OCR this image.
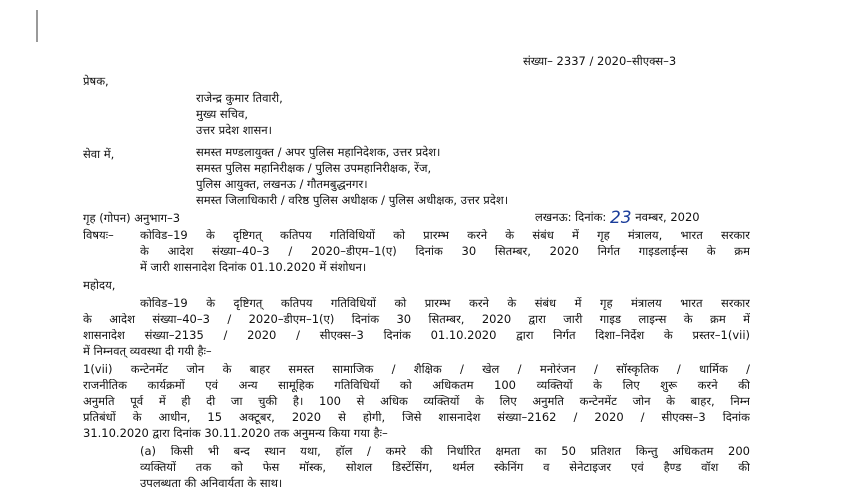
संख्या– 2337 / 2020–सीएक्स–3
प्रेषक,
राजेन्द्र कुमार तिवारी,
मुख्य सचिव,
उत्तर प्रदेश शासन।
सेवा में,	समस्त मण्डलायुक्त / अपर पुलिस महानिदेशक, उत्तर प्रदेश।
समस्त पुलिस महानिरीक्षक / पुलिस उपमहानिरीक्षक, रेंज,
पुलिस आयुक्त, लखनऊ / गौतमबुद्धनगर।
समस्त जिलाधिकारी / वरिष्ठ पुलिस अधीक्षक / पुलिस अधीक्षक, उत्तर प्रदेश।
गृह (गोपन) अनुभाग–3	लखनऊ: दिनांक: 23 नवम्बर, 2020
विषयः– कोविड–19 के दृष्टिगत् कतिपय गतिविधियों को प्रारम्भ करने के संबंध में गृह मंत्रालय, भारत सरकार
के आदेश संख्या–40–3 / 2020–डीएम–1(ए) दिनांक 30 सितम्बर, 2020 निर्गत गाइडलाईन्स के क्रम
में जारी शासनादेश दिनांक 01.10.2020 में संशोधन।
महोदय,
कोविड–19 के दृष्टिगत् कतिपय गतिविधियों को प्रारम्भ करने के संबंध में गृह मंत्रालय भारत सरकार
के आदेश संख्या–40–3 / 2020–डीएम–1(ए) दिनांक 30 सितम्बर, 2020 द्वारा जारी गाइड लाइन्स के क्रम में
शासनादेश संख्या–2135 / 2020 / सीएक्स–3 दिनांक 01.10.2020 द्वारा निर्गत दिशा–निर्देश के प्रस्तर–1(vii)
में निम्नवत् व्यवस्था दी गयी हैः–
1(vii) कन्टेनमेंट जोन के बाहर समस्त सामाजिक / शैक्षिक / खेल / मनोरंजन / सॉस्कृतिक / धार्मिक /
राजनीतिक कार्यक्रमों एवं अन्य सामूहिक गतिविधियों को अधिकतम 100 व्यक्तियों के लिए शुरू करने की
अनुमति पूर्व में ही दी जा चुकी है। 100 से अधिक व्यक्तियों के लिए अनुमति कन्टेनमेंट जोन के बाहर, निम्न
प्रतिबंधों के आधीन, 15 अक्टूबर, 2020 से होगी, जिसे शासनादेश संख्या–2162 / 2020 / सीएक्स–3 दिनांक
31.10.2020 द्वारा दिनांक 30.11.2020 तक अनुमन्य किया गया हैः–
(a) किसी भी बन्द स्थान यथा, हॉल / कमरे की निर्धारित क्षमता का 50 प्रतिशत किन्तु अधिकतम 200
व्यक्तियों तक को फेस मॉस्क, सोशल डिस्टेंसिंग, थर्मल स्केनिंग व सेनेटाइजर एवं हैण्ड वॉश की
उपलब्धता की अनिवार्यता के साथ।
